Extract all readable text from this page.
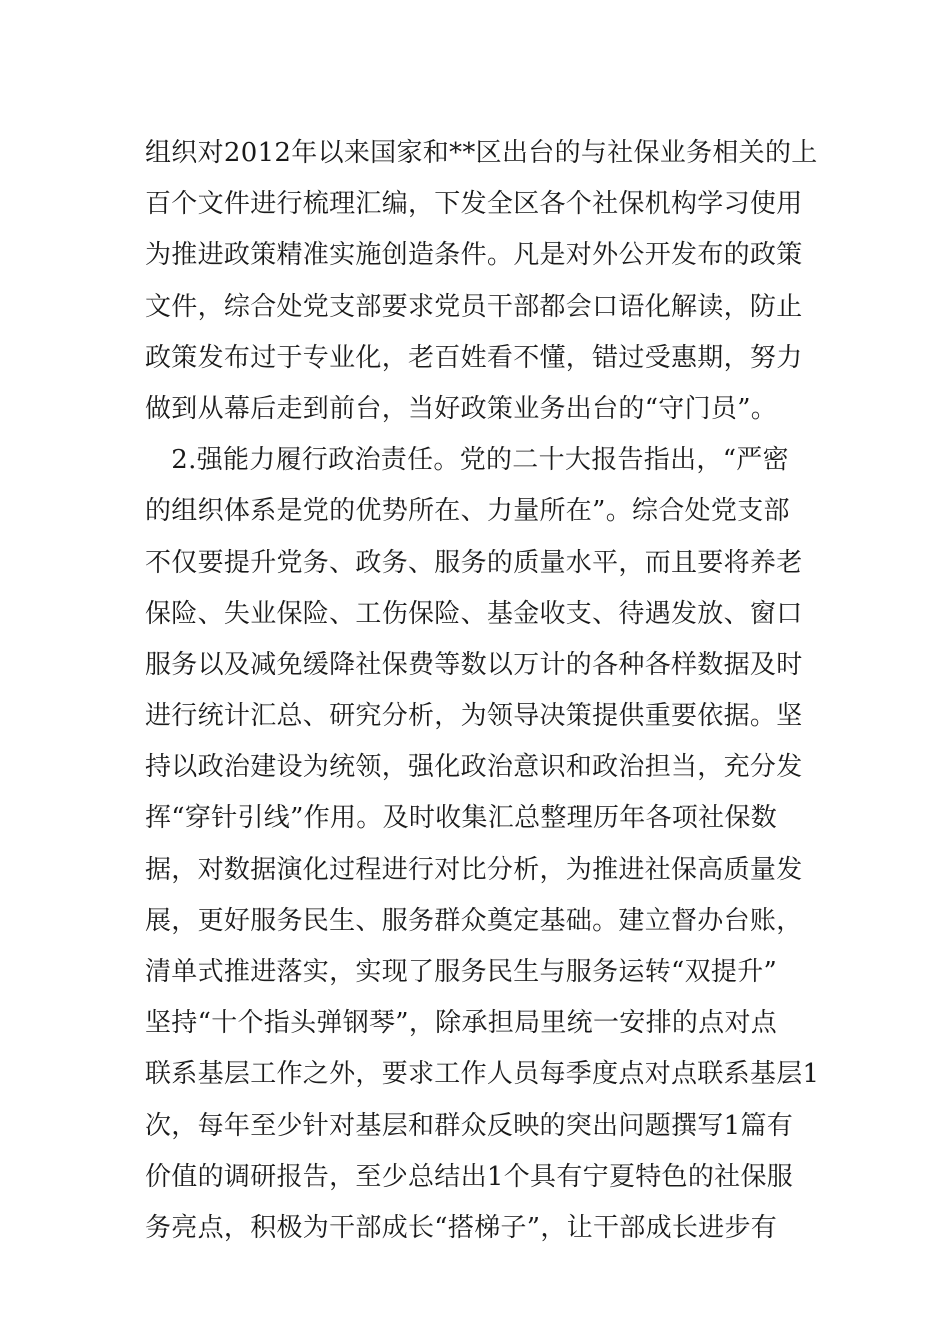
组织对2012年以来国家和**区出台的与社保业务相关的上
百个文件进行梳理汇编，下发全区各个社保机构学习使用
为推进政策精准实施创造条件。凡是对外公开发布的政策
文件，综合处党支部要求党员干部都会口语化解读，防止
政策发布过于专业化，老百姓看不懂，错过受惠期，努力
做到从幕后走到前台，当好政策业务出台的“守门员”。
　2.强能力履行政治责任。党的二十大报告指出，“严密
的组织体系是党的优势所在、力量所在”。综合处党支部
不仅要提升党务、政务、服务的质量水平，而且要将养老
保险、失业保险、工伤保险、基金收支、待遇发放、窗口
服务以及减免缓降社保费等数以万计的各种各样数据及时
进行统计汇总、研究分析，为领导决策提供重要依据。坚
持以政治建设为统领，强化政治意识和政治担当，充分发
挥“穿针引线”作用。及时收集汇总整理历年各项社保数
据，对数据演化过程进行对比分析，为推进社保高质量发
展，更好服务民生、服务群众奠定基础。建立督办台账，
清单式推进落实，实现了服务民生与服务运转“双提升”
坚持“十个指头弹钢琴”，除承担局里统一安排的点对点
联系基层工作之外，要求工作人员每季度点对点联系基层1
次，每年至少针对基层和群众反映的突出问题撰写1篇有
价值的调研报告，至少总结出1个具有宁夏特色的社保服
务亮点，积极为干部成长“搭梯子”，让干部成长进步有
